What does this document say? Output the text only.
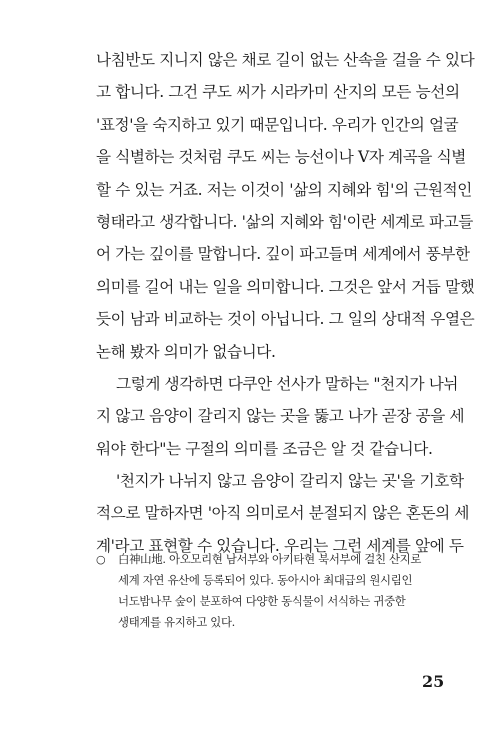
나침반도 지니지 않은 채로 길이 없는 산속을 걸을 수 있다
고 합니다. 그건 쿠도 씨가 시라카미 산지의 모든 능선의
'표정'을 숙지하고 있기 때문입니다. 우리가 인간의 얼굴
을 식별하는 것처럼 쿠도 씨는 능선이나 V자 계곡을 식별
할 수 있는 거죠. 저는 이것이 '삶의 지혜와 힘'의 근원적인
형태라고 생각합니다. '삶의 지혜와 힘'이란 세계로 파고들
어 가는 깊이를 말합니다. 깊이 파고들며 세계에서 풍부한
의미를 길어 내는 일을 의미합니다. 그것은 앞서 거듭 말했
듯이 남과 비교하는 것이 아닙니다. 그 일의 상대적 우열은
논해 봤자 의미가 없습니다.
그렇게 생각하면 다쿠안 선사가 말하는 "천지가 나뉘
지 않고 음양이 갈리지 않는 곳을 뚫고 나가 곧장 공을 세
워야 한다"는 구절의 의미를 조금은 알 것 같습니다.
'천지가 나뉘지 않고 음양이 갈리지 않는 곳'을 기호학
적으로 말하자면 '아직 의미로서 분절되지 않은 혼돈의 세
계'라고 표현할 수 있습니다. 우리는 그런 세계를 앞에 두
○ 白神山地. 아오모리현 남서부와 아키타현 북서부에 걸친 산지로
세계 자연 유산에 등록되어 있다. 동아시아 최대급의 원시림인
너도밤나무 숲이 분포하여 다양한 동식물이 서식하는 귀중한
생태계를 유지하고 있다.
25
